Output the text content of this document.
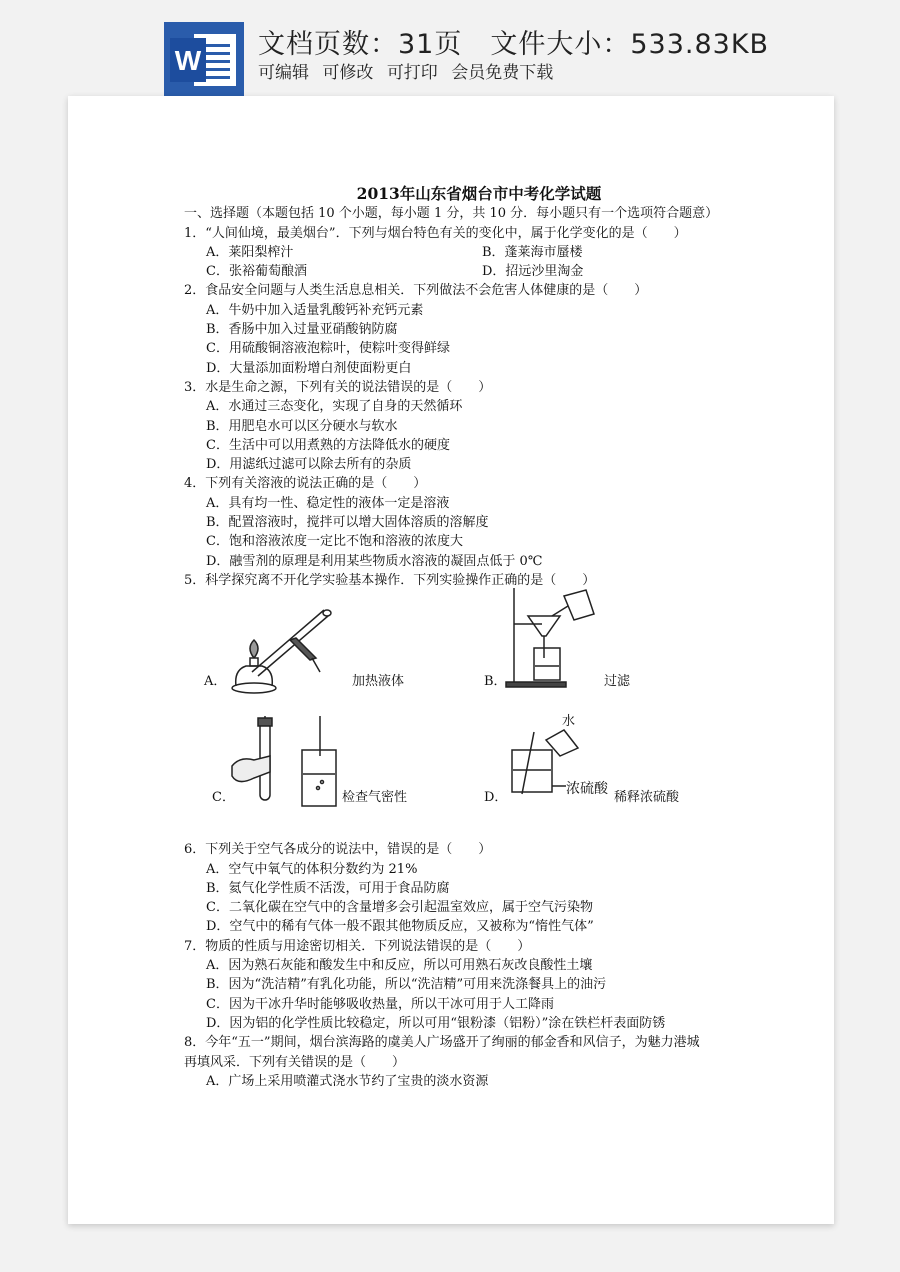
W
文档页数：31页 文件大小：533.83KB
可编辑 可修改 可打印 会员免费下载
2013年山东省烟台市中考化学试题
一、选择题（本题包括 10 个小题，每小题 1 分，共 10 分．每小题只有一个选项符合题意）
1．“人间仙境，最美烟台”．下列与烟台特色有关的变化中，属于化学变化的是（　　）
A．莱阳梨榨汁	B．蓬莱海市蜃楼
C．张裕葡萄酿酒	D．招远沙里淘金
2．食品安全问题与人类生活息息相关．下列做法不会危害人体健康的是（　　）
A．牛奶中加入适量乳酸钙补充钙元素
B．香肠中加入过量亚硝酸钠防腐
C．用硫酸铜溶液泡粽叶，使粽叶变得鲜绿
D．大量添加面粉增白剂使面粉更白
3．水是生命之源，下列有关的说法错误的是（　　）
A．水通过三态变化，实现了自身的天然循环
B．用肥皂水可以区分硬水与软水
C．生活中可以用煮熟的方法降低水的硬度
D．用滤纸过滤可以除去所有的杂质
4．下列有关溶液的说法正确的是（　　）
A．具有均一性、稳定性的液体一定是溶液
B．配置溶液时，搅拌可以增大固体溶质的溶解度
C．饱和溶液浓度一定比不饱和溶液的浓度大
D．融雪剂的原理是利用某些物质水溶液的凝固点低于 0℃
5．科学探究离不开化学实验基本操作．下列实验操作正确的是（　　）
A．	加热液体	B．	过滤
C．	检查气密性
水
浓硫酸
D．	稀释浓硫酸
6．下列关于空气各成分的说法中，错误的是（　　）
A．空气中氧气的体积分数约为 21%
B．氦气化学性质不活泼，可用于食品防腐
C．二氧化碳在空气中的含量增多会引起温室效应，属于空气污染物
D．空气中的稀有气体一般不跟其他物质反应，又被称为“惰性气体”
7．物质的性质与用途密切相关．下列说法错误的是（　　）
A．因为熟石灰能和酸发生中和反应，所以可用熟石灰改良酸性土壤
B．因为“洗洁精”有乳化功能，所以“洗洁精”可用来洗涤餐具上的油污
C．因为干冰升华时能够吸收热量，所以干冰可用于人工降雨
D．因为铝的化学性质比较稳定，所以可用“银粉漆（铝粉）”涂在铁栏杆表面防锈
8．今年“五一”期间，烟台滨海路的虞美人广场盛开了绚丽的郁金香和风信子，为魅力港城
再填风采．下列有关错误的是（　　）
A．广场上采用喷灌式浇水节约了宝贵的淡水资源
